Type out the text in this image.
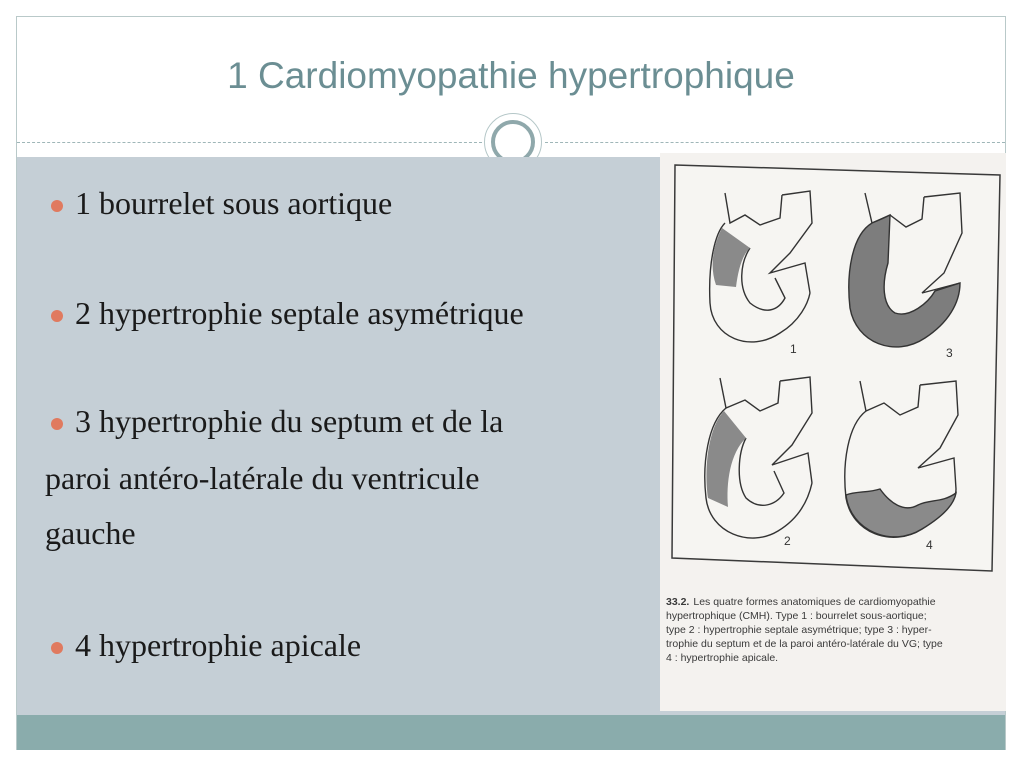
1 Cardiomyopathie hypertrophique
1 bourrelet sous aortique
2 hypertrophie septale asymétrique
3 hypertrophie du septum et de la
paroi antéro-latérale du ventricule
gauche
4 hypertrophie apicale
1	3
2	4
33.2. Les quatre formes anatomiques de cardiomyopathie
hypertrophique (CMH). Type 1 : bourrelet sous-aortique;
type 2 : hypertrophie septale asymétrique; type 3 : hyper-
trophie du septum et de la paroi antéro-latérale du VG; type
4 : hypertrophie apicale.
